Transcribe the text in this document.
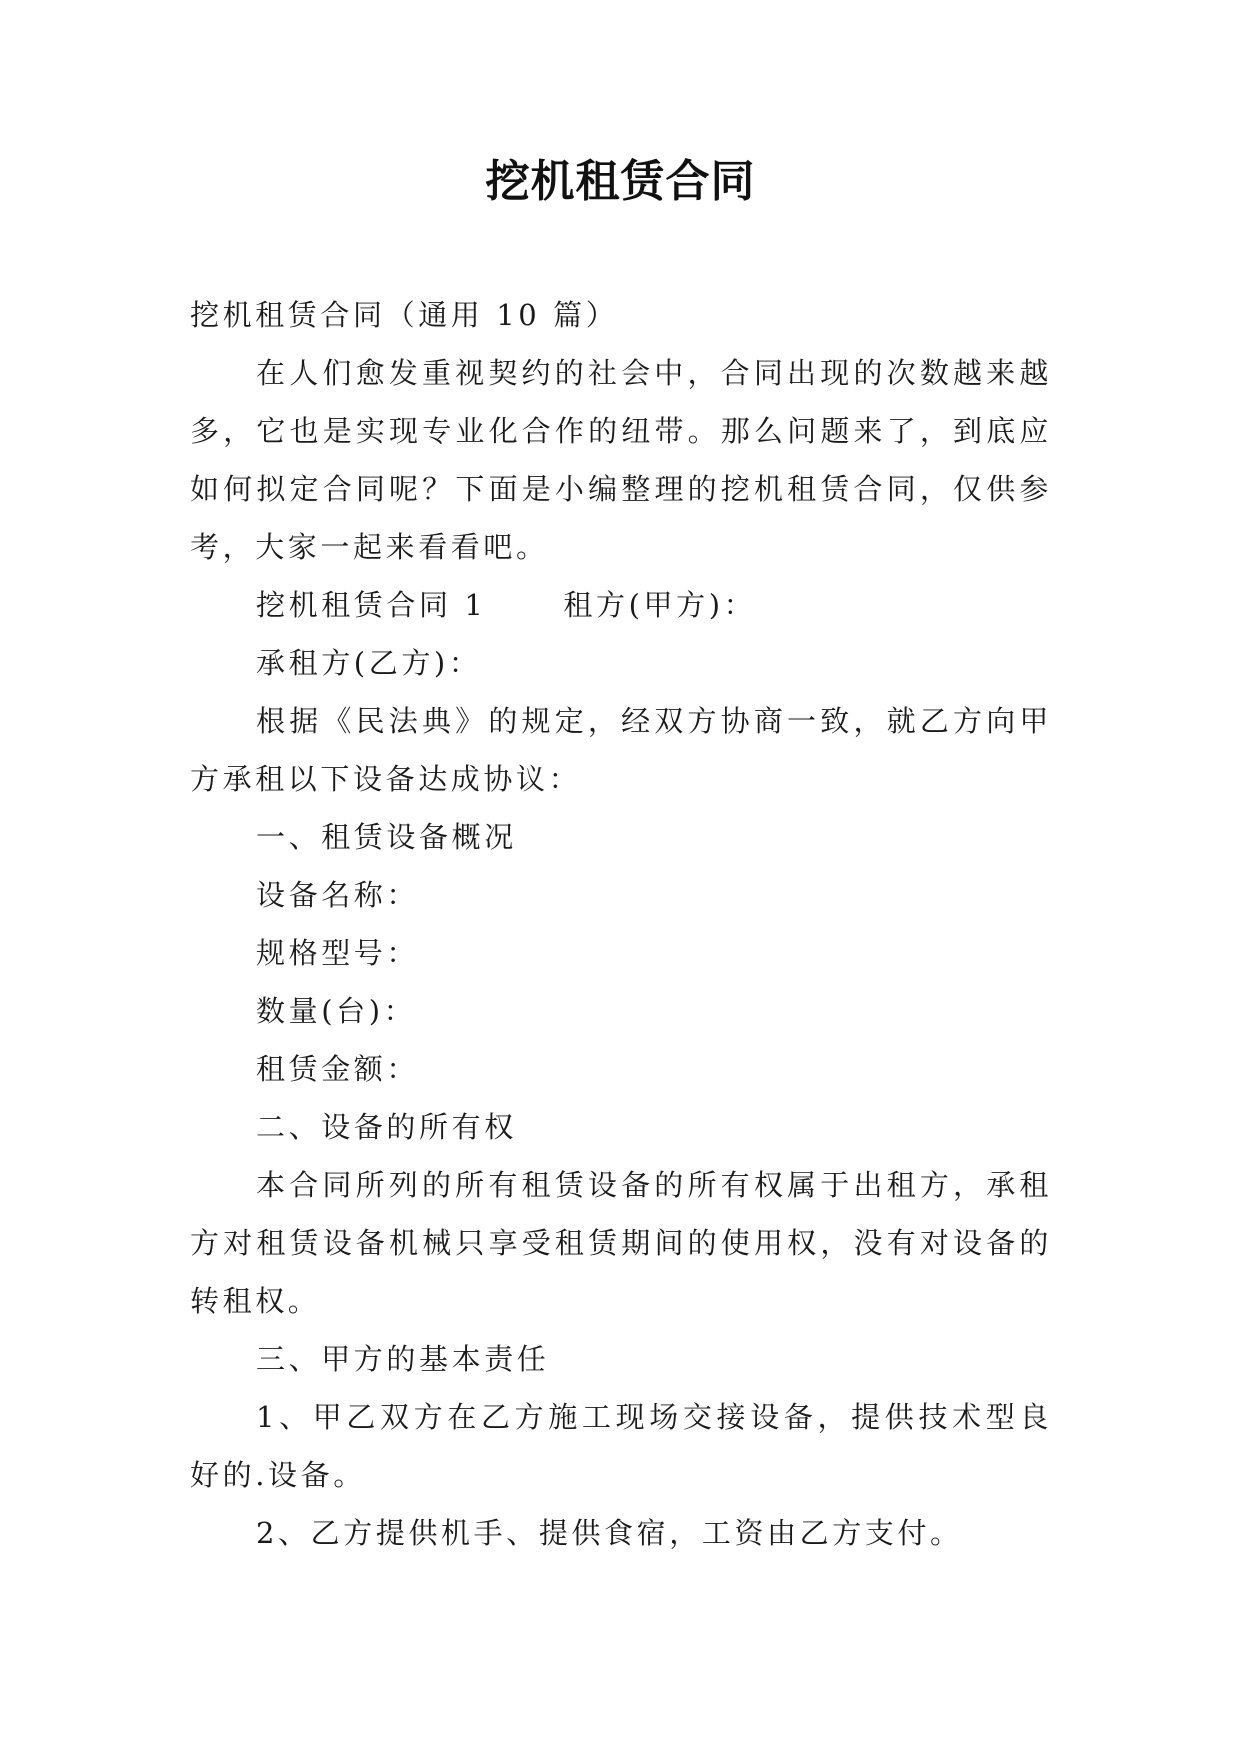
挖机租赁合同

挖机租赁合同（通用 10 篇）

在人们愈发重视契约的社会中，合同出现的次数越来越多，它也是实现专业化合作的纽带。那么问题来了，到底应如何拟定合同呢？下面是小编整理的挖机租赁合同，仅供参考，大家一起来看看吧。

挖机租赁合同 1      租方(甲方)：

承租方(乙方)：

根据《民法典》的规定，经双方协商一致，就乙方向甲方承租以下设备达成协议：

一、租赁设备概况

设备名称：

规格型号：

数量(台)：

租赁金额：

二、设备的所有权

本合同所列的所有租赁设备的所有权属于出租方，承租方对租赁设备机械只享受租赁期间的使用权，没有对设备的转租权。

三、甲方的基本责任

1、甲乙双方在乙方施工现场交接设备，提供技术型良好的.设备。

2、乙方提供机手、提供食宿，工资由乙方支付。
